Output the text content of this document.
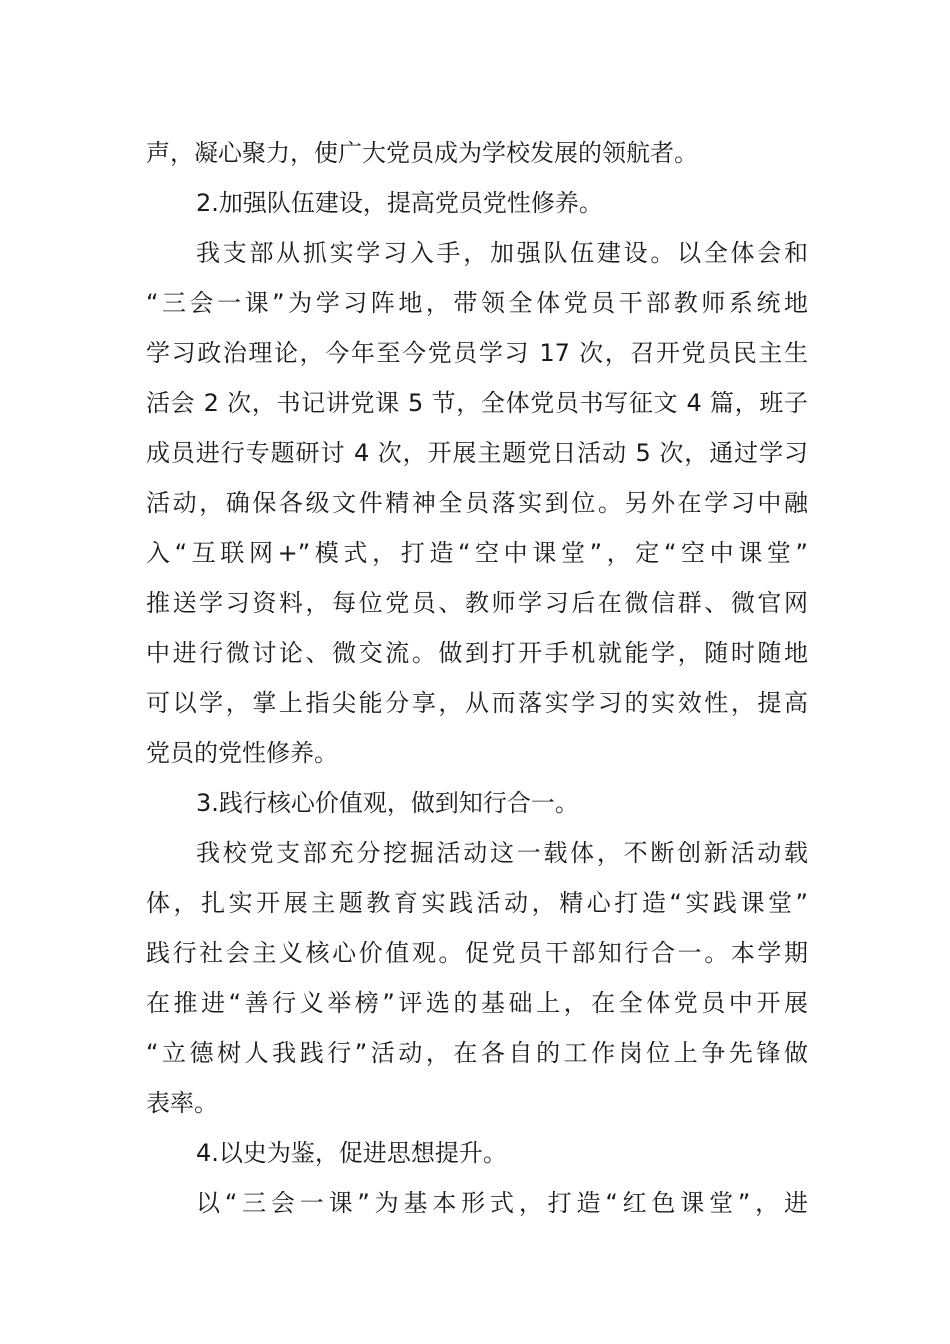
声，凝心聚力，使广大党员成为学校发展的领航者。
2.加强队伍建设，提高党员党性修养。
我支部从抓实学习入手，加强队伍建设。以全体会和
“三会一课”为学习阵地，带领全体党员干部教师系统地
学习政治理论，今年至今党员学习 17 次，召开党员民主生
活会 2 次，书记讲党课 5 节，全体党员书写征文 4 篇，班子
成员进行专题研讨 4 次，开展主题党日活动 5 次，通过学习
活动，确保各级文件精神全员落实到位。另外在学习中融
入“互联网+”模式，打造“空中课堂”，定“空中课堂”
推送学习资料，每位党员、教师学习后在微信群、微官网
中进行微讨论、微交流。做到打开手机就能学，随时随地
可以学，掌上指尖能分享，从而落实学习的实效性，提高
党员的党性修养。
3.践行核心价值观，做到知行合一。
我校党支部充分挖掘活动这一载体，不断创新活动载
体，扎实开展主题教育实践活动，精心打造“实践课堂”
践行社会主义核心价值观。促党员干部知行合一。本学期
在推进“善行义举榜”评选的基础上，在全体党员中开展
“立德树人我践行”活动，在各自的工作岗位上争先锋做
表率。
4.以史为鉴，促进思想提升。
以“三会一课”为基本形式，打造“红色课堂”，进
